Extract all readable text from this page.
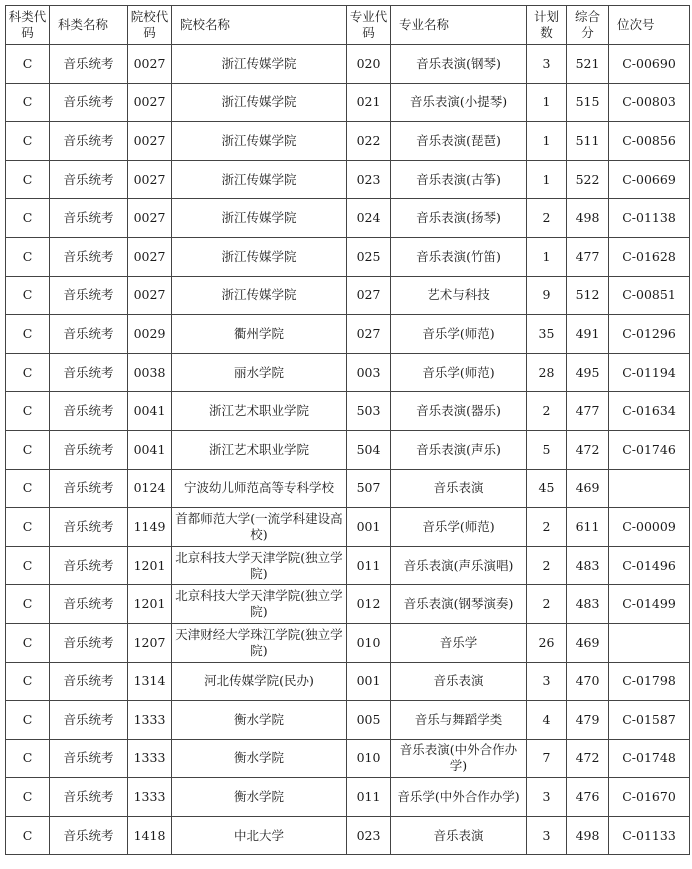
科类代码	科类名称	院校代码	院校名称	专业代码	专业名称	计划数	综合分	位次号
C	音乐统考	0027	浙江传媒学院	020	音乐表演(钢琴)	3	521	C-00690
C	音乐统考	0027	浙江传媒学院	021	音乐表演(小提琴)	1	515	C-00803
C	音乐统考	0027	浙江传媒学院	022	音乐表演(琵琶)	1	511	C-00856
C	音乐统考	0027	浙江传媒学院	023	音乐表演(古筝)	1	522	C-00669
C	音乐统考	0027	浙江传媒学院	024	音乐表演(扬琴)	2	498	C-01138
C	音乐统考	0027	浙江传媒学院	025	音乐表演(竹笛)	1	477	C-01628
C	音乐统考	0027	浙江传媒学院	027	艺术与科技	9	512	C-00851
C	音乐统考	0029	衢州学院	027	音乐学(师范)	35	491	C-01296
C	音乐统考	0038	丽水学院	003	音乐学(师范)	28	495	C-01194
C	音乐统考	0041	浙江艺术职业学院	503	音乐表演(器乐)	2	477	C-01634
C	音乐统考	0041	浙江艺术职业学院	504	音乐表演(声乐)	5	472	C-01746
C	音乐统考	0124	宁波幼儿师范高等专科学校	507	音乐表演	45	469	
C	音乐统考	1149	首都师范大学(一流学科建设高校)	001	音乐学(师范)	2	611	C-00009
C	音乐统考	1201	北京科技大学天津学院(独立学院)	011	音乐表演(声乐演唱)	2	483	C-01496
C	音乐统考	1201	北京科技大学天津学院(独立学院)	012	音乐表演(钢琴演奏)	2	483	C-01499
C	音乐统考	1207	天津财经大学珠江学院(独立学院)	010	音乐学	26	469	
C	音乐统考	1314	河北传媒学院(民办)	001	音乐表演	3	470	C-01798
C	音乐统考	1333	衡水学院	005	音乐与舞蹈学类	4	479	C-01587
C	音乐统考	1333	衡水学院	010	音乐表演(中外合作办学)	7	472	C-01748
C	音乐统考	1333	衡水学院	011	音乐学(中外合作办学)	3	476	C-01670
C	音乐统考	1418	中北大学	023	音乐表演	3	498	C-01133
